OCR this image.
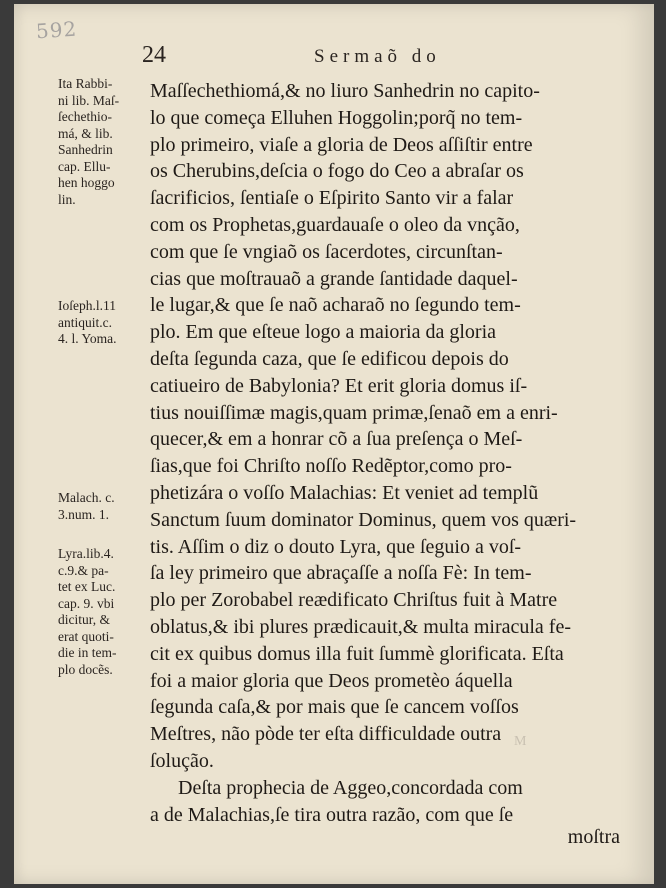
592
24	Sermaõ do
Ita Rabbi-
ni lib. Maſ-
ſechethio-
má, & lib.
Sanhedrin
cap. Ellu-
hen hoggo
lin.
Ioſeph.l.11
antiquit.c.
4. l. Yoma.
Malach. c.
3.num. 1.
Lyra.lib.4.
c.9.& pa-
tet ex Luc.
cap. 9. vbi
dicitur, &
erat quoti-
die in tem-
plo docẽs.
Maſſechethiomá,& no liuro Sanhedrin no capito-
lo que começa Elluhen Hoggolin;porq̃ no tem-
plo primeiro, viaſe a gloria de Deos aſſiſtir entre
os Cherubins,deſcia o fogo do Ceo a abraſar os
ſacrificios, ſentiaſe o Eſpirito Santo vir a falar
com os Prophetas,guardauaſe o oleo da vnção,
com que ſe vngiaõ os ſacerdotes, circunſtan-
cias que moſtrauaõ a grande ſantidade daquel-
le lugar,& que ſe naõ acharaõ no ſegundo tem-
plo. Em que eſteue logo a maioria da gloria
deſta ſegunda caza, que ſe edificou depois do
catiueiro de Babylonia? Et erit gloria domus iſ-
tius nouiſſimæ magis,quam primæ,ſenaõ em a enri-
quecer,& em a honrar cõ a ſua preſença o Meſ-
ſias,que foi Chriſto noſſo Redẽptor,como pro-
phetizára o voſſo Malachias: Et veniet ad templũ
Sanctum ſuum dominator Dominus, quem vos quæri-
tis. Aſſim o diz o douto Lyra, que ſeguio a voſ-
ſa ley primeiro que abraçaſſe a noſſa Fè: In tem-
plo per Zorobabel reædificato Chriſtus fuit à Matre
oblatus,& ibi plures prædicauit,& multa miracula fe-
cit ex quibus domus illa fuit ſummè glorificata. Eſta
foi a maior gloria que Deos prometèo áquella
ſegunda caſa,& por mais que ſe cancem voſſos
Meſtres, não pòde ter eſta difficuldade outra
ſolução.
Deſta prophecia de Aggeo,concordada com
a de Malachias,ſe tira outra razão, com que ſe
moſtra
M
